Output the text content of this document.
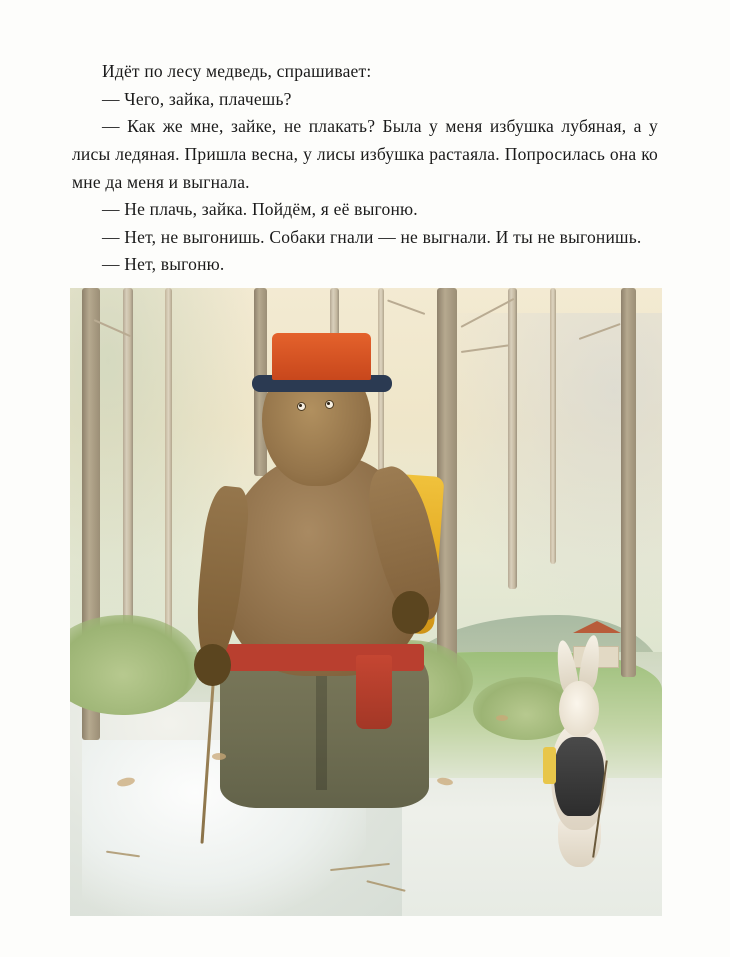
Идёт по лесу медведь, спрашивает:

— Чего, зайка, плачешь?

— Как же мне, зайке, не плакать? Была у меня избушка лубяная, а у лисы ледяная. Пришла весна, у лисы избушка растаяла. Попросилась она ко мне да меня и выгнала.

— Не плачь, зайка. Пойдём, я её выгоню.

— Нет, не выгонишь. Собаки гнали — не выгнали. И ты не выгонишь.

— Нет, выгоню.
